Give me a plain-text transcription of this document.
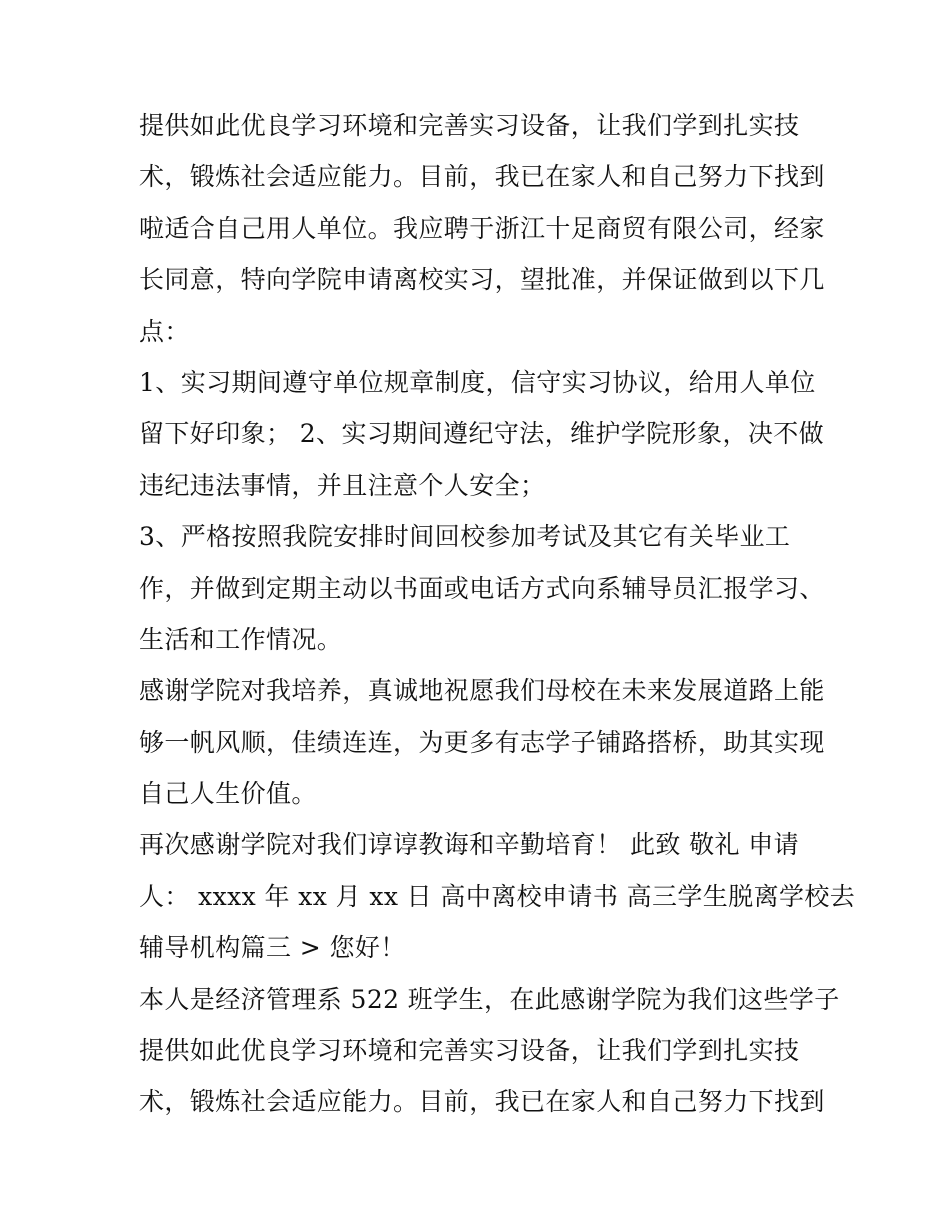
提供如此优良学习环境和完善实习设备，让我们学到扎实技
术，锻炼社会适应能力。目前，我已在家人和自己努力下找到
啦适合自己用人单位。我应聘于浙江十足商贸有限公司，经家
长同意，特向学院申请离校实习，望批准，并保证做到以下几
点：
1、实习期间遵守单位规章制度，信守实习协议，给用人单位
留下好印象； 2、实习期间遵纪守法，维护学院形象，决不做
违纪违法事情，并且注意个人安全；
3、严格按照我院安排时间回校参加考试及其它有关毕业工
作，并做到定期主动以书面或电话方式向系辅导员汇报学习、
生活和工作情况。
感谢学院对我培养，真诚地祝愿我们母校在未来发展道路上能
够一帆风顺，佳绩连连，为更多有志学子铺路搭桥，助其实现
自己人生价值。
再次感谢学院对我们谆谆教诲和辛勤培育！ 此致 敬礼 申请
人： xxxx 年 xx 月 xx 日 高中离校申请书 高三学生脱离学校去
辅导机构篇三 > 您好！
本人是经济管理系 522 班学生，在此感谢学院为我们这些学子
提供如此优良学习环境和完善实习设备，让我们学到扎实技
术，锻炼社会适应能力。目前，我已在家人和自己努力下找到
